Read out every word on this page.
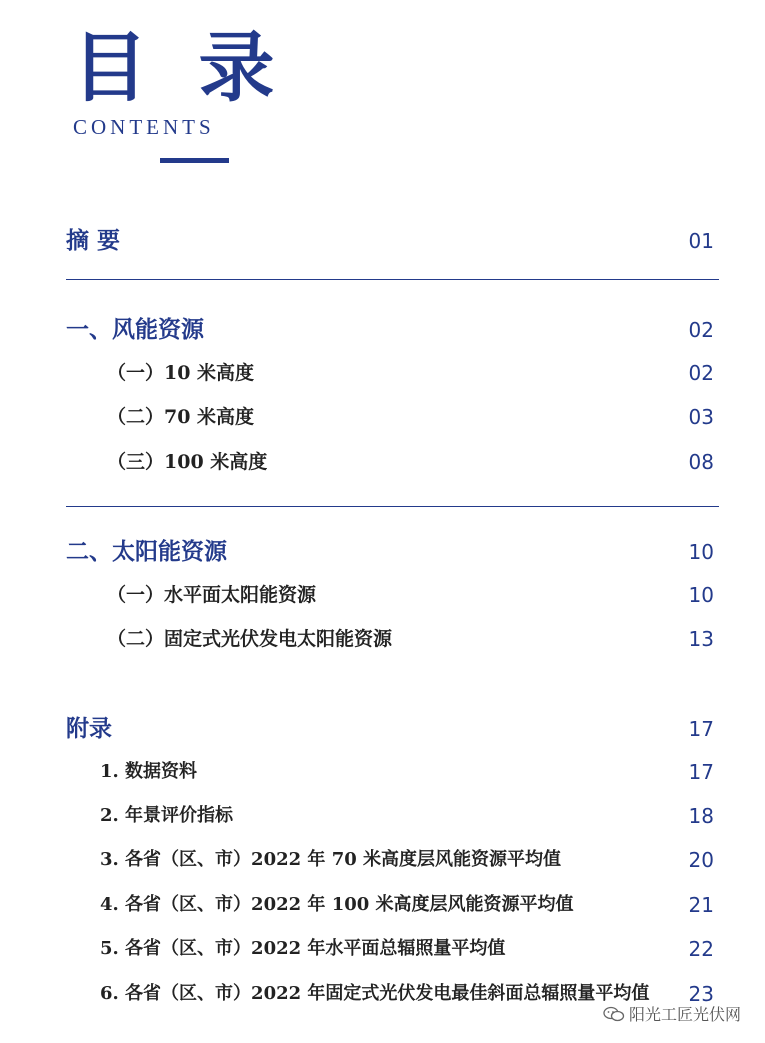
目 录
CONTENTS
摘 要	01
一、风能资源	02
（一）10 米高度	02
（二）70 米高度	03
（三）100 米高度	08
二、太阳能资源	10
（一）水平面太阳能资源	10
（二）固定式光伏发电太阳能资源	13
附录	17
1. 数据资料	17
2. 年景评价指标	18
3. 各省（区、市）2022 年 70 米高度层风能资源平均值	20
4. 各省（区、市）2022 年 100 米高度层风能资源平均值	21
5. 各省（区、市）2022 年水平面总辐照量平均值	22
6. 各省（区、市）2022 年固定式光伏发电最佳斜面总辐照量平均值 23
阳光工匠光伏网
